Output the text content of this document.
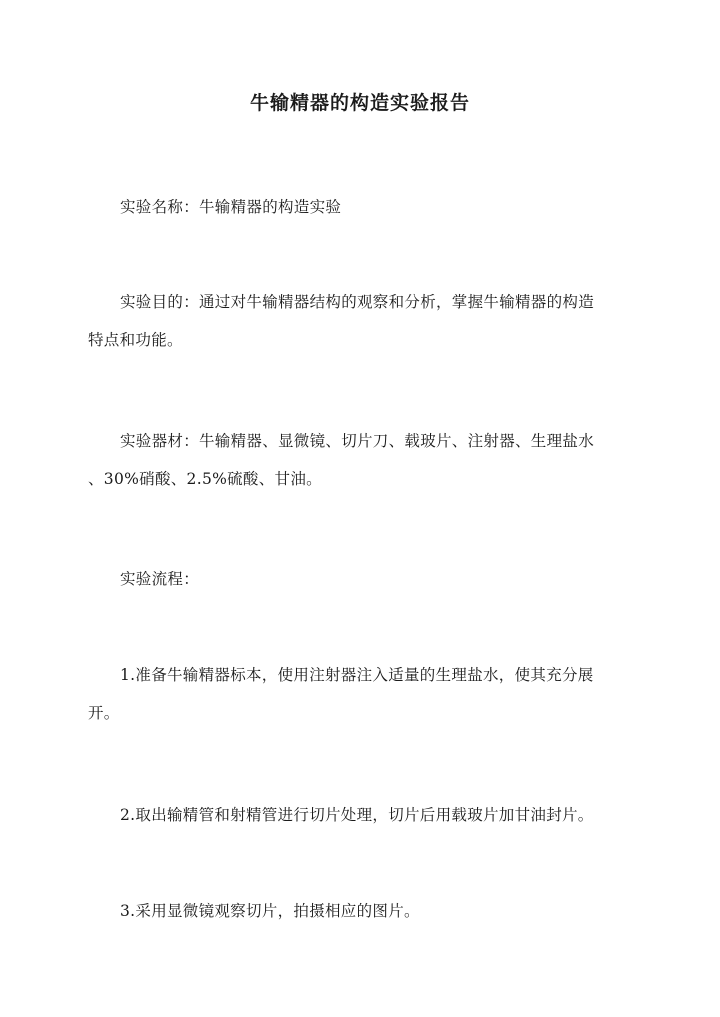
牛输精器的构造实验报告

实验名称：牛输精器的构造实验

实验目的：通过对牛输精器结构的观察和分析，掌握牛输精器的构造
特点和功能。

实验器材：牛输精器、显微镜、切片刀、载玻片、注射器、生理盐水
、30%硝酸、2.5%硫酸、甘油。

实验流程：

1.准备牛输精器标本，使用注射器注入适量的生理盐水，使其充分展
开。

2.取出输精管和射精管进行切片处理，切片后用载玻片加甘油封片。

3.采用显微镜观察切片，拍摄相应的图片。
